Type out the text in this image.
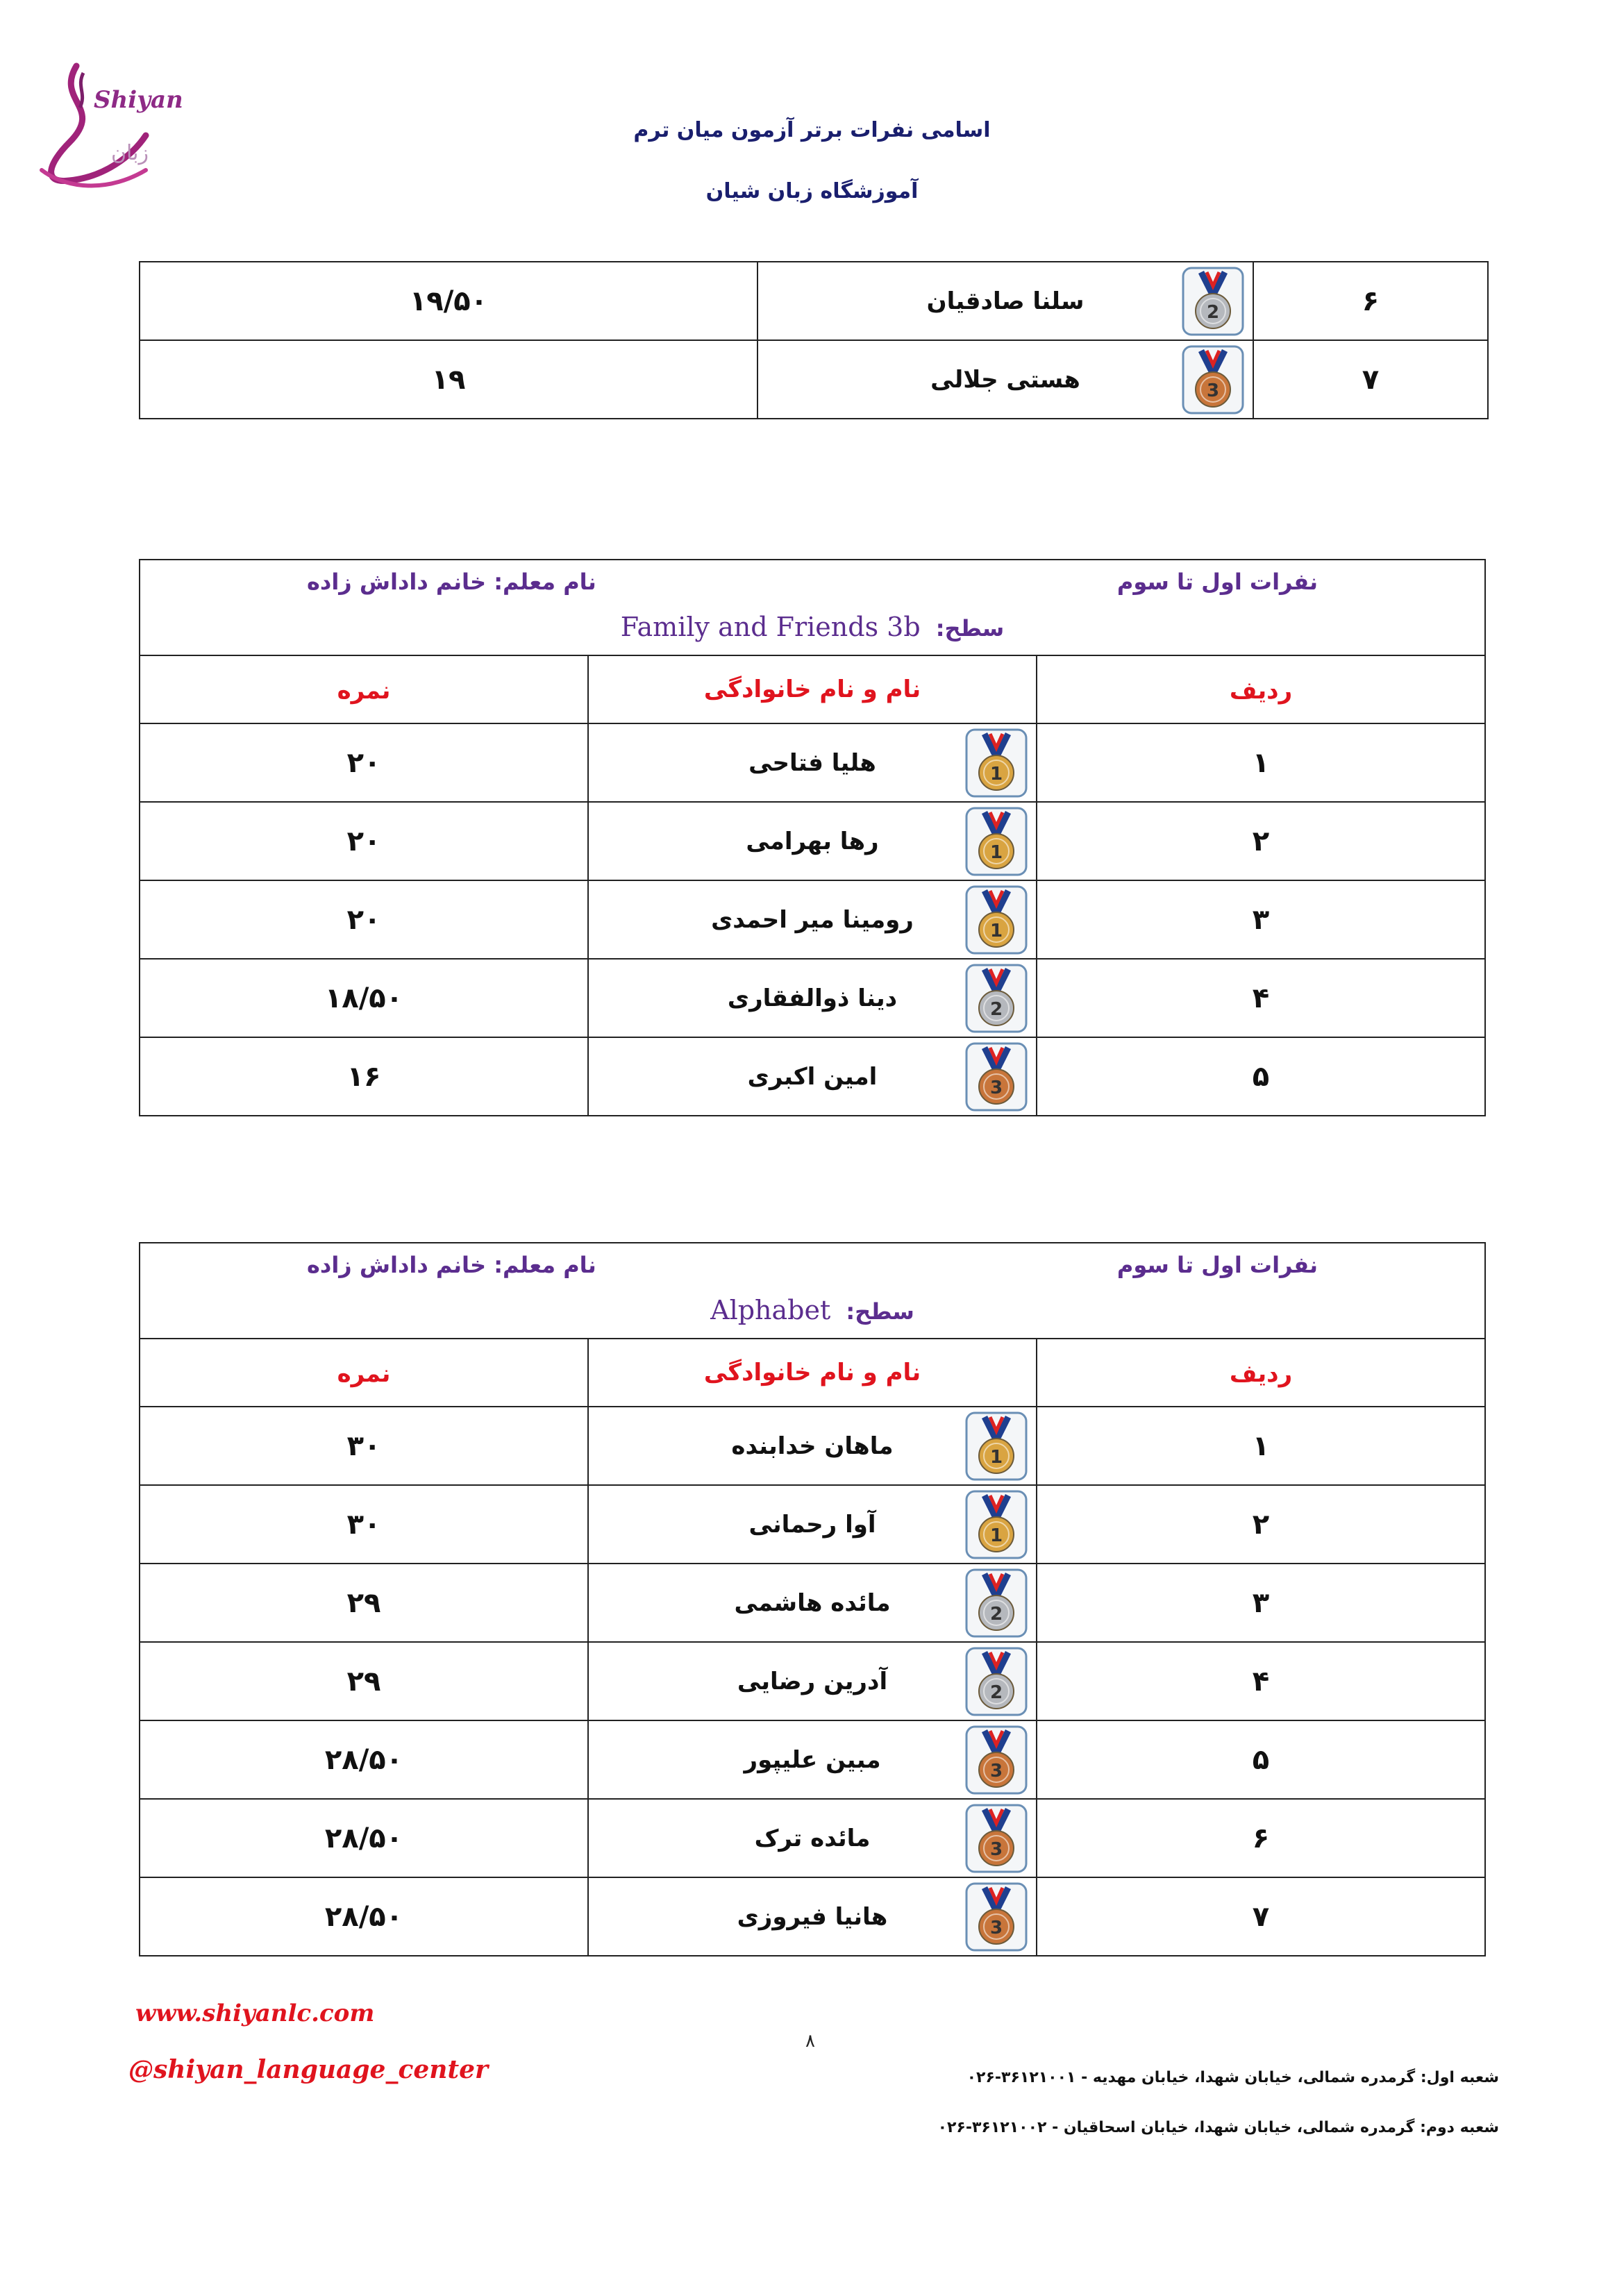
Shiyan
زبان
اسامی نفرات برتر آزمون میان ترم
آموزشگاه زبان شیان
۶	سلنا صادقیان 2	۱۹/۵۰
۷	هستی جلالی 3	۱۹
نفرات اول تا سوم
نام معلم: خانم داداش زاده
سطح: Family and Friends 3b		

ردیف	نام و نام خانوادگی	نمره
۱	هلیا فتاحی 1	۲۰
۲	رها بهرامی 1	۲۰
۳	رومینا میر احمدی 1	۲۰
۴	دینا ذوالفقاری 2	۱۸/۵۰
۵	امین اکبری 3	۱۶
نفرات اول تا سوم
نام معلم: خانم داداش زاده
سطح: Alphabet		

ردیف	نام و نام خانوادگی	نمره
۱	ماهان خدابنده 1	۳۰
۲	آوا رحمانی 1	۳۰
۳	مائده هاشمی 2	۲۹
۴	آدرین رضایی 2	۲۹
۵	مبین علیپور 3	۲۸/۵۰
۶	مائده ترک 3	۲۸/۵۰
۷	هانیا فیروزی 3	۲۸/۵۰
www.shiyanlc.com
@shiyan_language_center
۸
شعبه اول: گرمدره شمالی، خیابان شهدا، خیابان مهدیه - ۳۶۱۲۱۰۰۱-۰۲۶
شعبه دوم: گرمدره شمالی، خیابان شهدا، خیابان اسحاقیان - ۳۶۱۲۱۰۰۲-۰۲۶
